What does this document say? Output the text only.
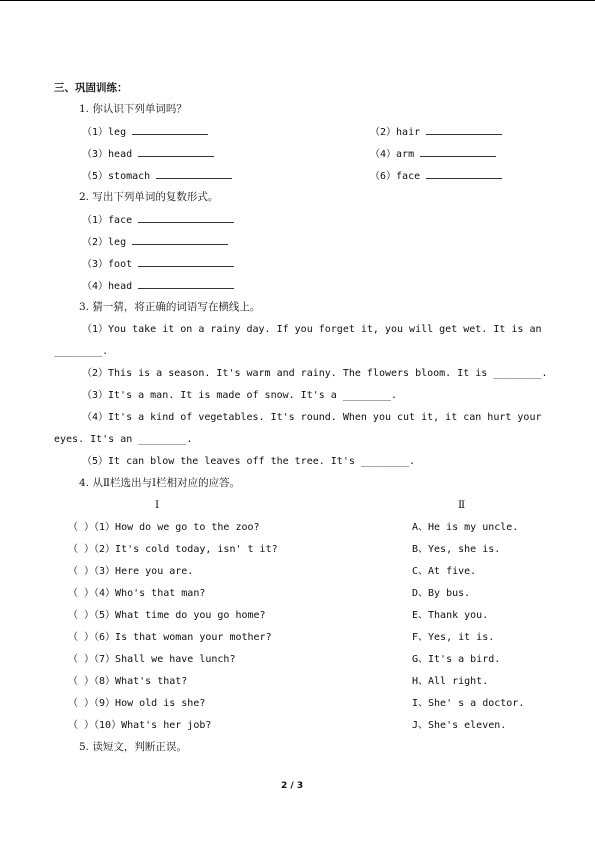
三、巩固训练：
1. 你认识下列单词吗？
（1）leg	（2）hair
（3）head	（4）arm
（5）stomach	（6）face
2. 写出下列单词的复数形式。
（1）face
（2）leg
（3）foot
（4）head
3. 猜一猜，将正确的词语写在横线上。
（1）You take it on a rainy day. If you forget it, you will get wet. It is an
________.
（2）This is a season. It's warm and rainy. The flowers bloom. It is ________.
（3）It's a man. It is made of snow. It's a ________.
（4）It's a kind of vegetables. It's round. When you cut it, it can hurt your
eyes. It's an ________.
（5）It can blow the leaves off the tree. It's ________.
4. 从Ⅱ栏选出与Ⅰ栏相对应的应答。
Ⅰ	Ⅱ
（ ）（1）How do we go to the zoo?	A、He is my uncle.
（ ）（2）It's cold today, isn' t it?	B、Yes, she is.
（ ）（3）Here you are.	C、At five.
（ ）（4）Who's that man?	D、By bus.
（ ）（5）What time do you go home?	E、Thank you.
（ ）（6）Is that woman your mother?	F、Yes, it is.
（ ）（7）Shall we have lunch?	G、It's a bird.
（ ）（8）What's that?	H、All right.
（ ）（9）How old is she?	I、She' s a doctor.
（ ）（10）What's her job?	J、She's eleven.
5. 读短文，判断正误。
2 / 3
